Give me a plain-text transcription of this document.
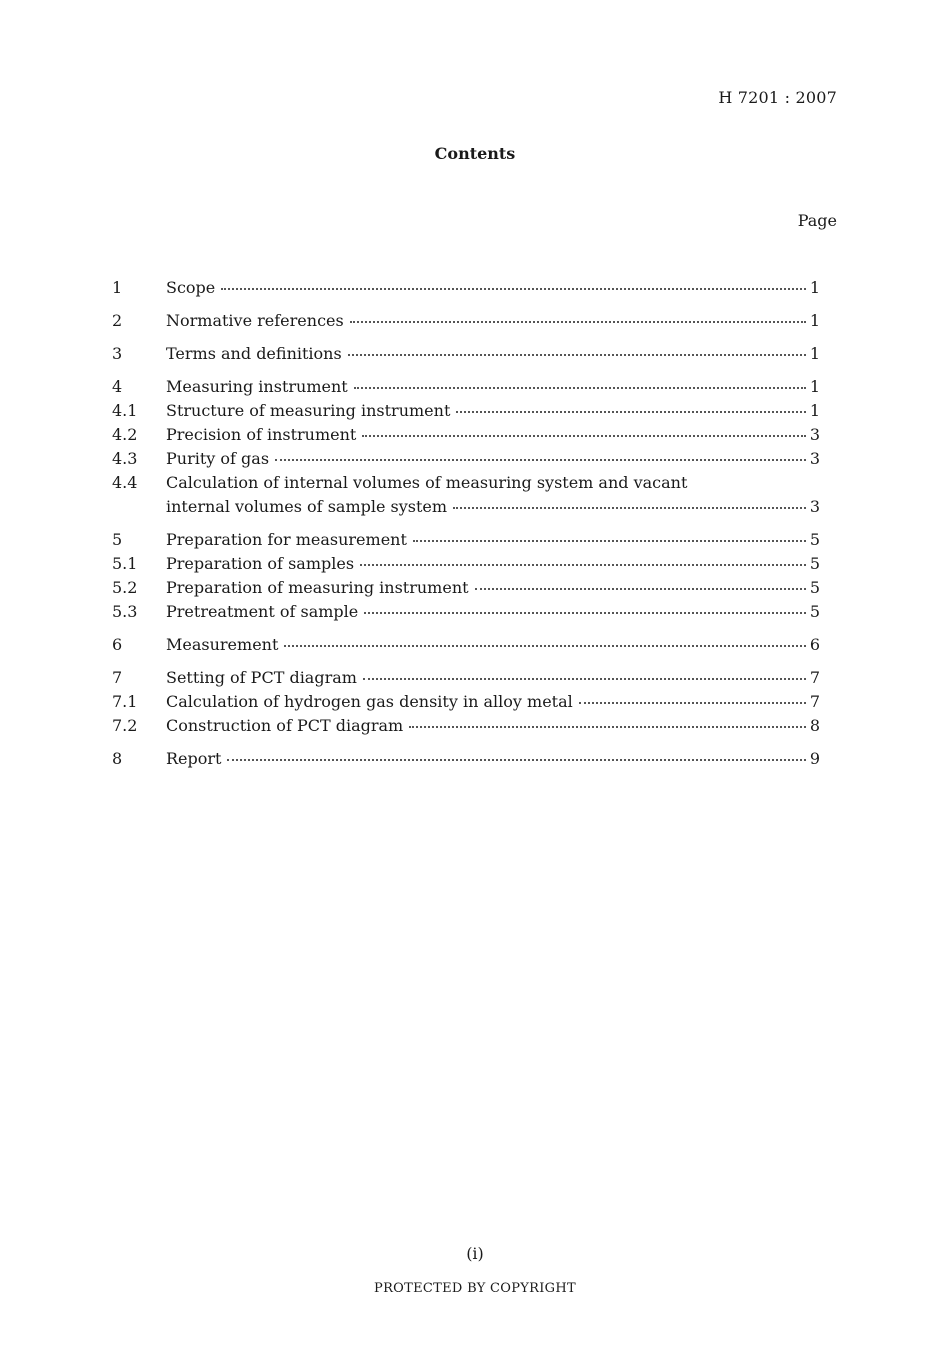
H 7201 : 2007
Contents
Page
1	Scope	1
2	Normative references	1
3	Terms and definitions	1
4	Measuring instrument	1
4.1	Structure of measuring instrument	1
4.2	Precision of instrument	3
4.3	Purity of gas	3
4.4	Calculation of internal volumes of measuring system and vacant
internal volumes of sample system	3
5	Preparation for measurement	5
5.1	Preparation of samples	5
5.2	Preparation of measuring instrument	5
5.3	Pretreatment of sample	5
6	Measurement	6
7	Setting of PCT diagram	7
7.1	Calculation of hydrogen gas density in alloy metal	7
7.2	Construction of PCT diagram	8
8	Report	9
(i)
PROTECTED BY COPYRIGHT
